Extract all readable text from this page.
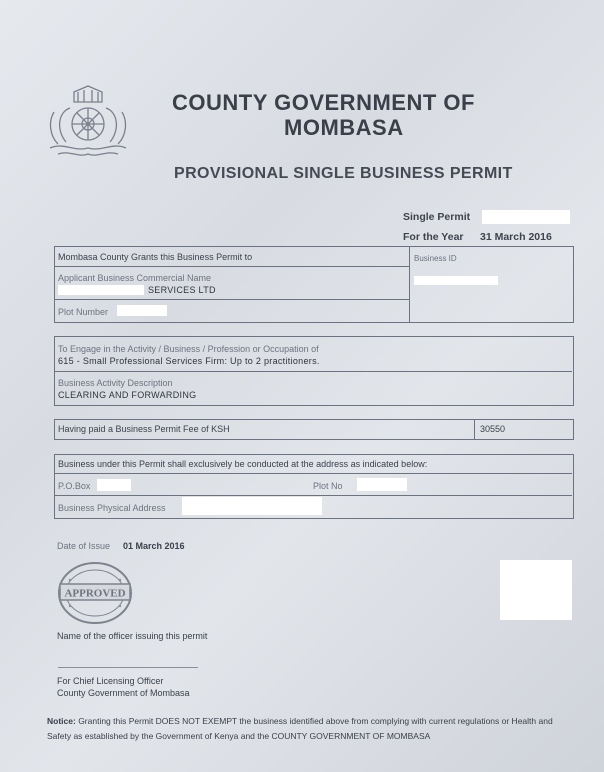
COUNTY GOVERNMENT OF
MOMBASA
PROVISIONAL SINGLE BUSINESS PERMIT
Single Permit
For the Year 31 March 2016
Mombasa County Grants this Business Permit to	Business ID
Applicant Business Commercial Name
SERVICES LTD
Plot Number
To Engage in the Activity / Business / Profession or Occupation of
615 - Small Professional Services Firm: Up to 2 practitioners.
Business Activity Description
CLEARING AND FORWARDING
Having paid a Business Permit Fee of KSH	30550
Business under this Permit shall exclusively be conducted at the address as indicated below:
P.O.Box	Plot No
Business Physical Address
Date of Issue 01 March 2016
APPROVED
Name of the officer issuing this permit
For Chief Licensing Officer
County Government of Mombasa
Notice: Granting this Permit DOES NOT EXEMPT the business identified above from complying with current regulations or Health and Safety as established by the Government of Kenya and the COUNTY GOVERNMENT OF MOMBASA
